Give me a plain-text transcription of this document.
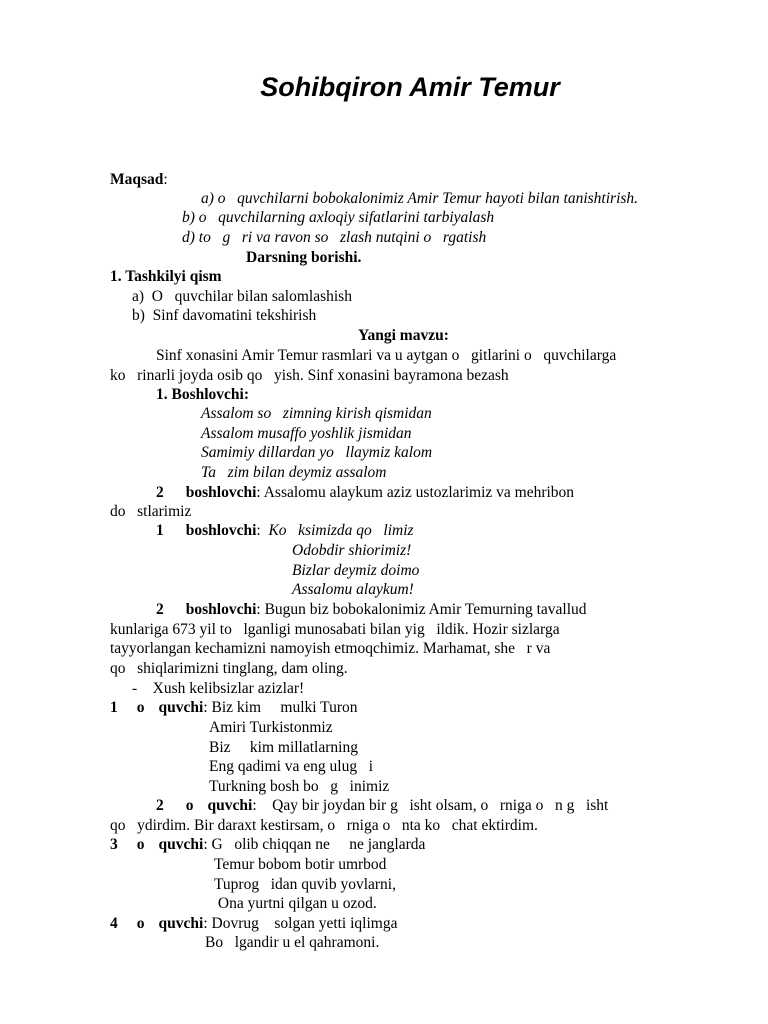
Sohibqiron Amir Temur
Maqsad:
a) o   quvchilarni bobokalonimiz Amir Temur hayoti bilan tanishtirish.
b) o   quvchilarning axloqiy sifatlarini tarbiyalash
d) to   g   ri va ravon so   zlash nutqini o   rgatish
Darsning borishi.
1. Tashkilyi qism
a)  O   quvchilar bilan salomlashish
b)  Sinf davomatini tekshirish
Yangi mavzu:
Sinf xonasini Amir Temur rasmlari va u aytgan o   gitlarini o   quvchilarga
ko   rinarli joyda osib qo   yish. Sinf xonasini bayramona bezash
1. Boshlovchi:
Assalom so   zimning kirish qismidan
Assalom musaffo yoshlik jismidan
Samimiy dillardan yo   llaymiz kalom
Ta   zim bilan deymiz assalom
2 boshlovchi: Assalomu alaykum aziz ustozlarimiz va mehribon
do   stlarimiz
1 boshlovchi: Ko   ksimizda qo   limiz
Odobdir shiorimiz!
Bizlar deymiz doimo
Assalomu alaykum!
2 boshlovchi: Bugun biz bobokalonimiz Amir Temurning tavallud
kunlariga 673 yil to   lganligi munosabati bilan yig   ildik. Hozir sizlarga
tayyorlangan kechamizni namoyish etmoqchimiz. Marhamat, she   r va
qo   shiqlarimizni tinglang, dam oling.
-    Xush kelibsizlar azizlar!
1 o quvchi: Biz kim     mulki Turon
Amiri Turkistonmiz
Biz     kim millatlarning
Eng qadimi va eng ulug   i
Turkning bosh bo   g   inimiz
2 o quvchi:    Qay bir joydan bir g   isht olsam, o   rniga o   n g   isht
qo   ydirdim. Bir daraxt kestirsam, o   rniga o   nta ko   chat ektirdim.
3 o quvchi: G   olib chiqqan ne     ne janglarda
Temur bobom botir umrbod
Tuprog   idan quvib yovlarni,
Ona yurtni qilgan u ozod.
4 o quvchi: Dovrug    solgan yetti iqlimga
Bo   lgandir u el qahramoni.
